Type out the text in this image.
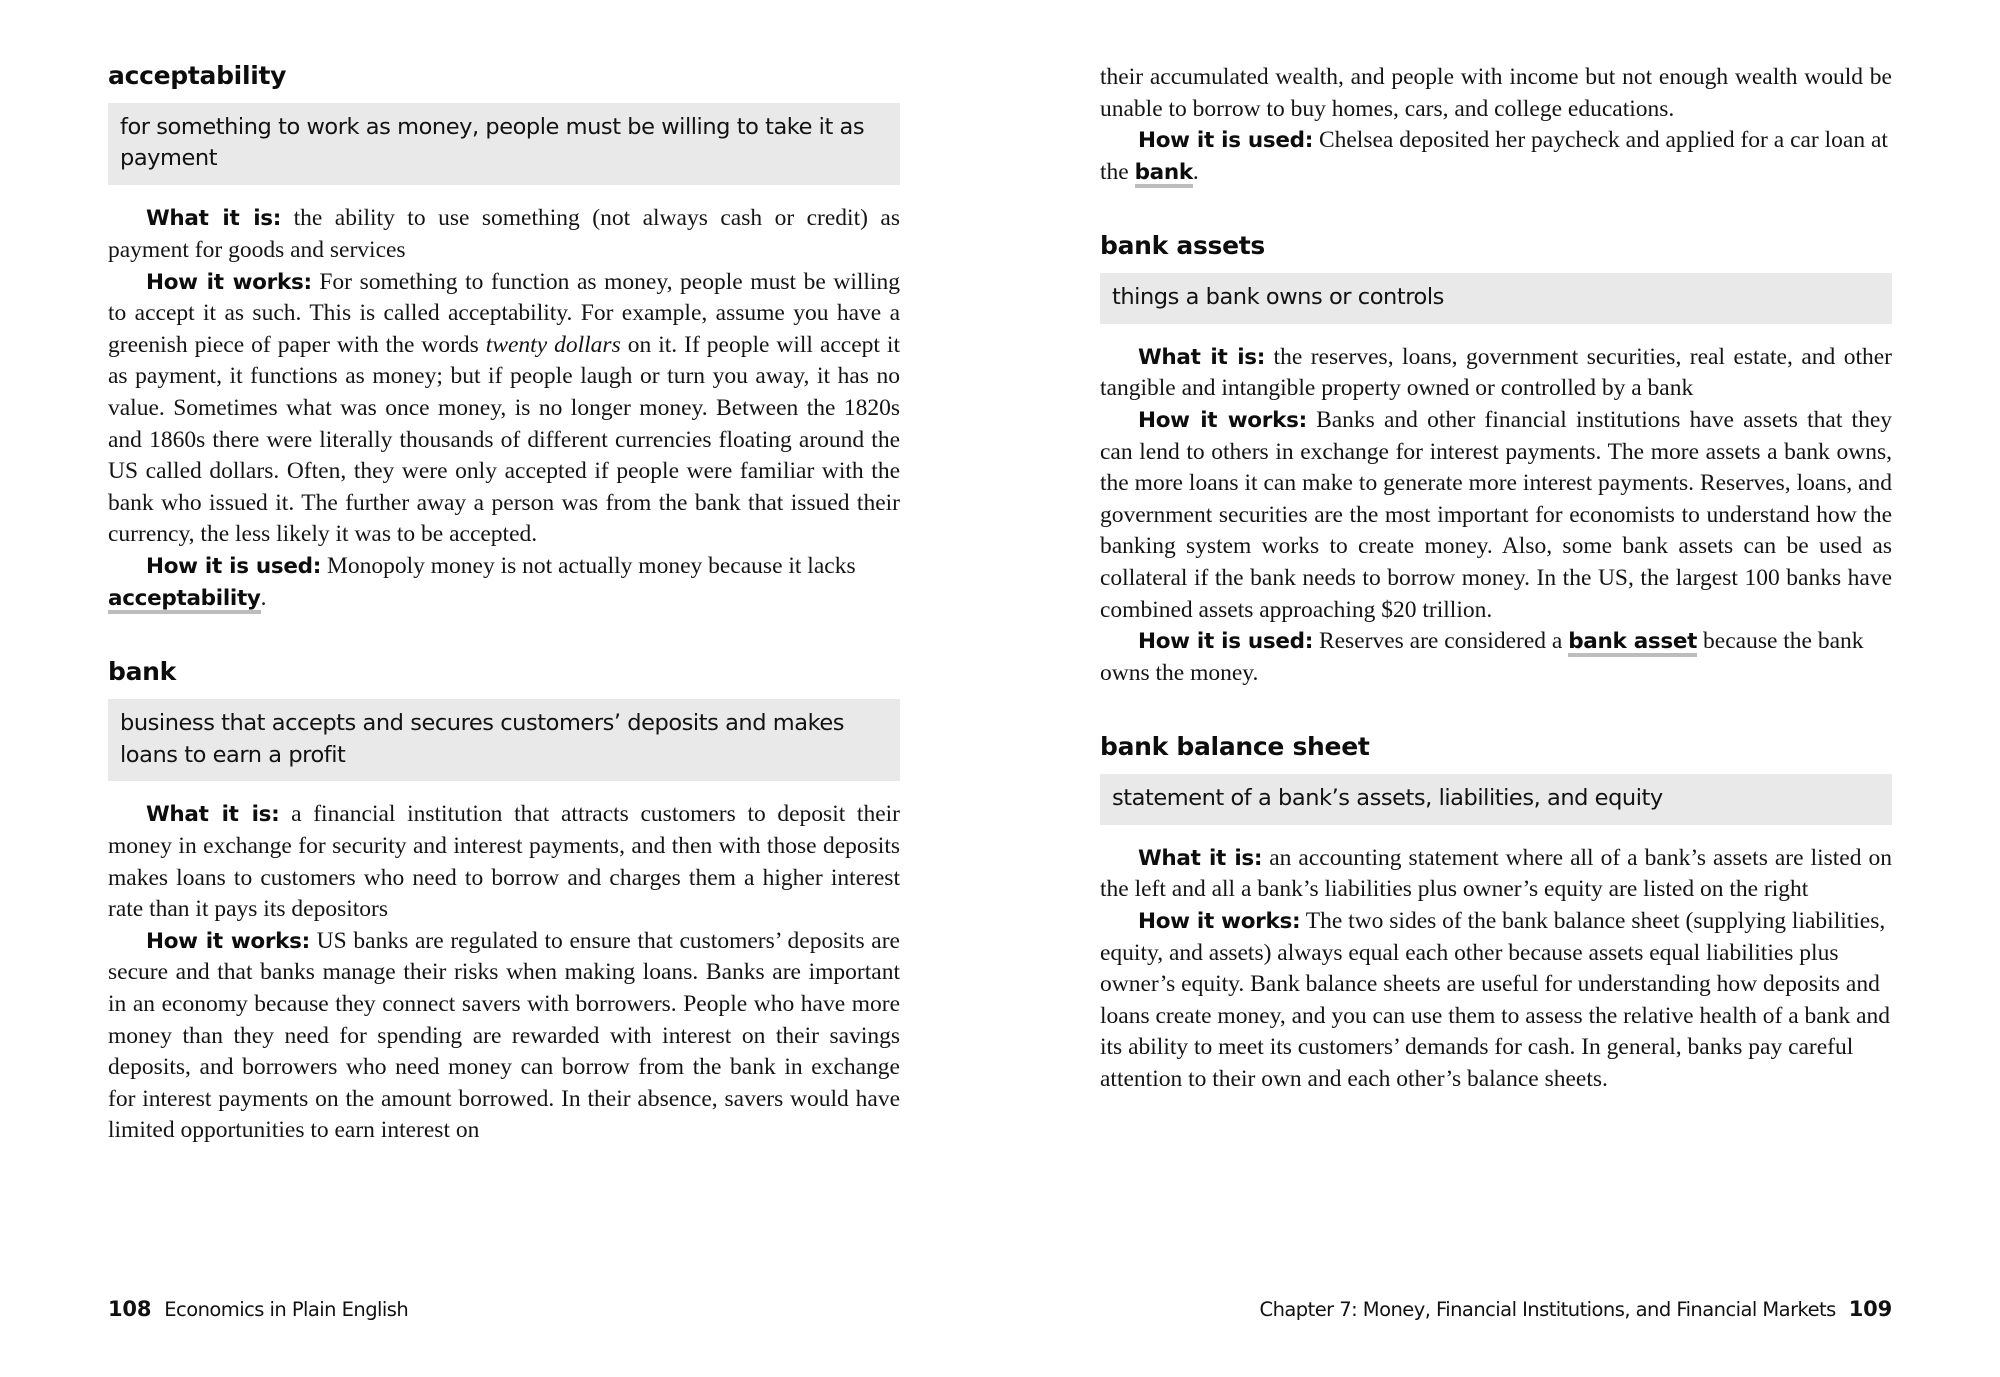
acceptability
for something to work as money, people must be willing to take it as payment

What it is: the ability to use something (not always cash or credit) as payment for goods and services

How it works: For something to function as money, people must be willing to accept it as such. This is called acceptability. For example, assume you have a greenish piece of paper with the words twenty dollars on it. If people will accept it as payment, it functions as money; but if people laugh or turn you away, it has no value. Sometimes what was once money, is no longer money. Between the 1820s and 1860s there were literally thousands of different currencies floating around the US called dollars. Often, they were only accepted if people were familiar with the bank who issued it. The further away a person was from the bank that issued their currency, the less likely it was to be accepted.

How it is used: Monopoly money is not actually money because it lacks acceptability.

bank
business that accepts and secures customers’ deposits and makes loans to earn a profit

What it is: a financial institution that attracts customers to deposit their money in exchange for security and interest payments, and then with those deposits makes loans to customers who need to borrow and charges them a higher interest rate than it pays its depositors

How it works: US banks are regulated to ensure that customers’ deposits are secure and that banks manage their risks when making loans. Banks are important in an economy because they connect savers with borrowers. People who have more money than they need for spending are rewarded with interest on their savings deposits, and borrowers who need money can borrow from the bank in exchange for interest payments on the amount borrowed. In their absence, savers would have limited opportunities to earn interest on

108 Economics in Plain English

their accumulated wealth, and people with income but not enough wealth would be unable to borrow to buy homes, cars, and college educations.

How it is used: Chelsea deposited her paycheck and applied for a car loan at the bank.

bank assets
things a bank owns or controls

What it is: the reserves, loans, government securities, real estate, and other tangible and intangible property owned or controlled by a bank

How it works: Banks and other financial institutions have assets that they can lend to others in exchange for interest payments. The more assets a bank owns, the more loans it can make to generate more interest payments. Reserves, loans, and government securities are the most important for economists to understand how the banking system works to create money. Also, some bank assets can be used as collateral if the bank needs to borrow money. In the US, the largest 100 banks have combined assets approaching $20 trillion.

How it is used: Reserves are considered a bank asset because the bank owns the money.

bank balance sheet
statement of a bank’s assets, liabilities, and equity

What it is: an accounting statement where all of a bank’s assets are listed on the left and all a bank’s liabilities plus owner’s equity are listed on the right

How it works: The two sides of the bank balance sheet (supplying liabilities, equity, and assets) always equal each other because assets equal liabilities plus owner’s equity. Bank balance sheets are useful for understanding how deposits and loans create money, and you can use them to assess the relative health of a bank and its ability to meet its customers’ demands for cash. In general, banks pay careful attention to their own and each other’s balance sheets.

Chapter 7: Money, Financial Institutions, and Financial Markets 109
